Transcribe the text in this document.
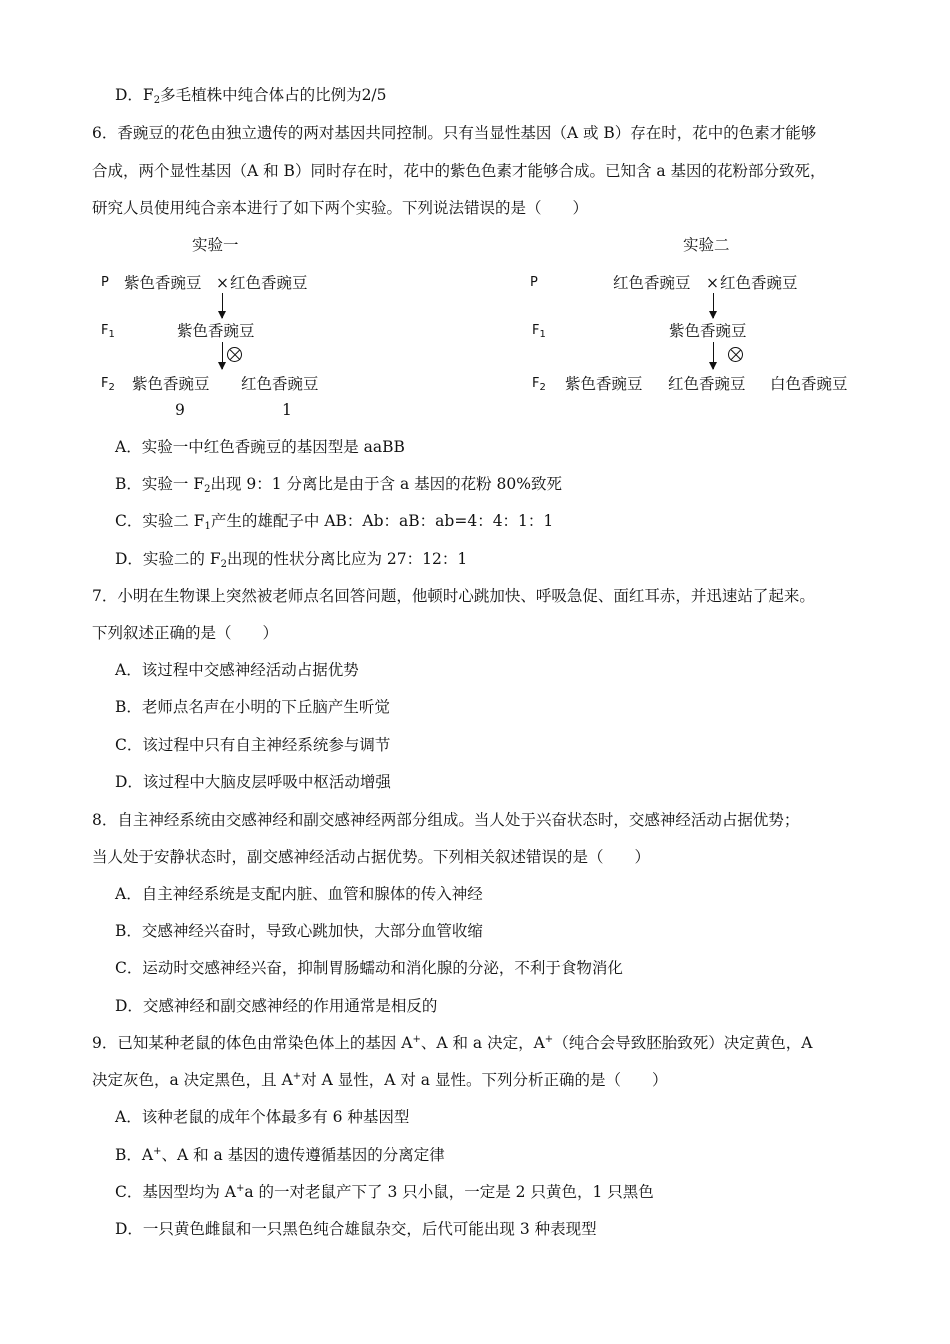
D．$F_2$多毛植株中纯合体占的比例为2/5
6．香豌豆的花色由独立遗传的两对基因共同控制。只有当显性基因（A 或 B）存在时，花中的色素才能够
合成，两个显性基因（A 和 B）同时存在时，花中的紫色色素才能够合成。已知含 a 基因的花粉部分致死，
研究人员使用纯合亲本进行了如下两个实验。下列说法错误的是（　　）
实验一
P 紫色香豌豆 × 红色香豌豆
$F_1$	紫色香豌豆
$F_2$ 紫色香豌豆 红色香豌豆
9	1
实验二
P	红色香豌豆 × 红色香豌豆
$F_1$	紫色香豌豆
$F_2$ 紫色香豌豆 红色香豌豆 白色香豌豆
A．实验一中红色香豌豆的基因型是 aaBB
B．实验一 $F_2$出现 9：1 分离比是由于含 a 基因的花粉 80%致死
C．实验二 $F_1$产生的雄配子中 AB：Ab：aB：ab=4：4：1：1
D．实验二的 $F_2$出现的性状分离比应为 27：12：1
7．小明在生物课上突然被老师点名回答问题，他顿时心跳加快、呼吸急促、面红耳赤，并迅速站了起来。
下列叙述正确的是（　　）
A．该过程中交感神经活动占据优势
B．老师点名声在小明的下丘脑产生听觉
C．该过程中只有自主神经系统参与调节
D．该过程中大脑皮层呼吸中枢活动增强
8．自主神经系统由交感神经和副交感神经两部分组成。当人处于兴奋状态时，交感神经活动占据优势；
当人处于安静状态时，副交感神经活动占据优势。下列相关叙述错误的是（　　）
A．自主神经系统是支配内脏、血管和腺体的传入神经
B．交感神经兴奋时，导致心跳加快，大部分血管收缩
C．运动时交感神经兴奋，抑制胃肠蠕动和消化腺的分泌，不利于食物消化
D．交感神经和副交感神经的作用通常是相反的
9．已知某种老鼠的体色由常染色体上的基因 A+、A 和 a 决定，A+（纯合会导致胚胎致死）决定黄色，A
决定灰色，a 决定黑色，且 A+对 A 显性，A 对 a 显性。下列分析正确的是（　　）
A．该种老鼠的成年个体最多有 6 种基因型
B．A+、A 和 a 基因的遗传遵循基因的分离定律
C．基因型均为 A+a 的一对老鼠产下了 3 只小鼠，一定是 2 只黄色，1 只黑色
D．一只黄色雌鼠和一只黑色纯合雄鼠杂交，后代可能出现 3 种表现型
